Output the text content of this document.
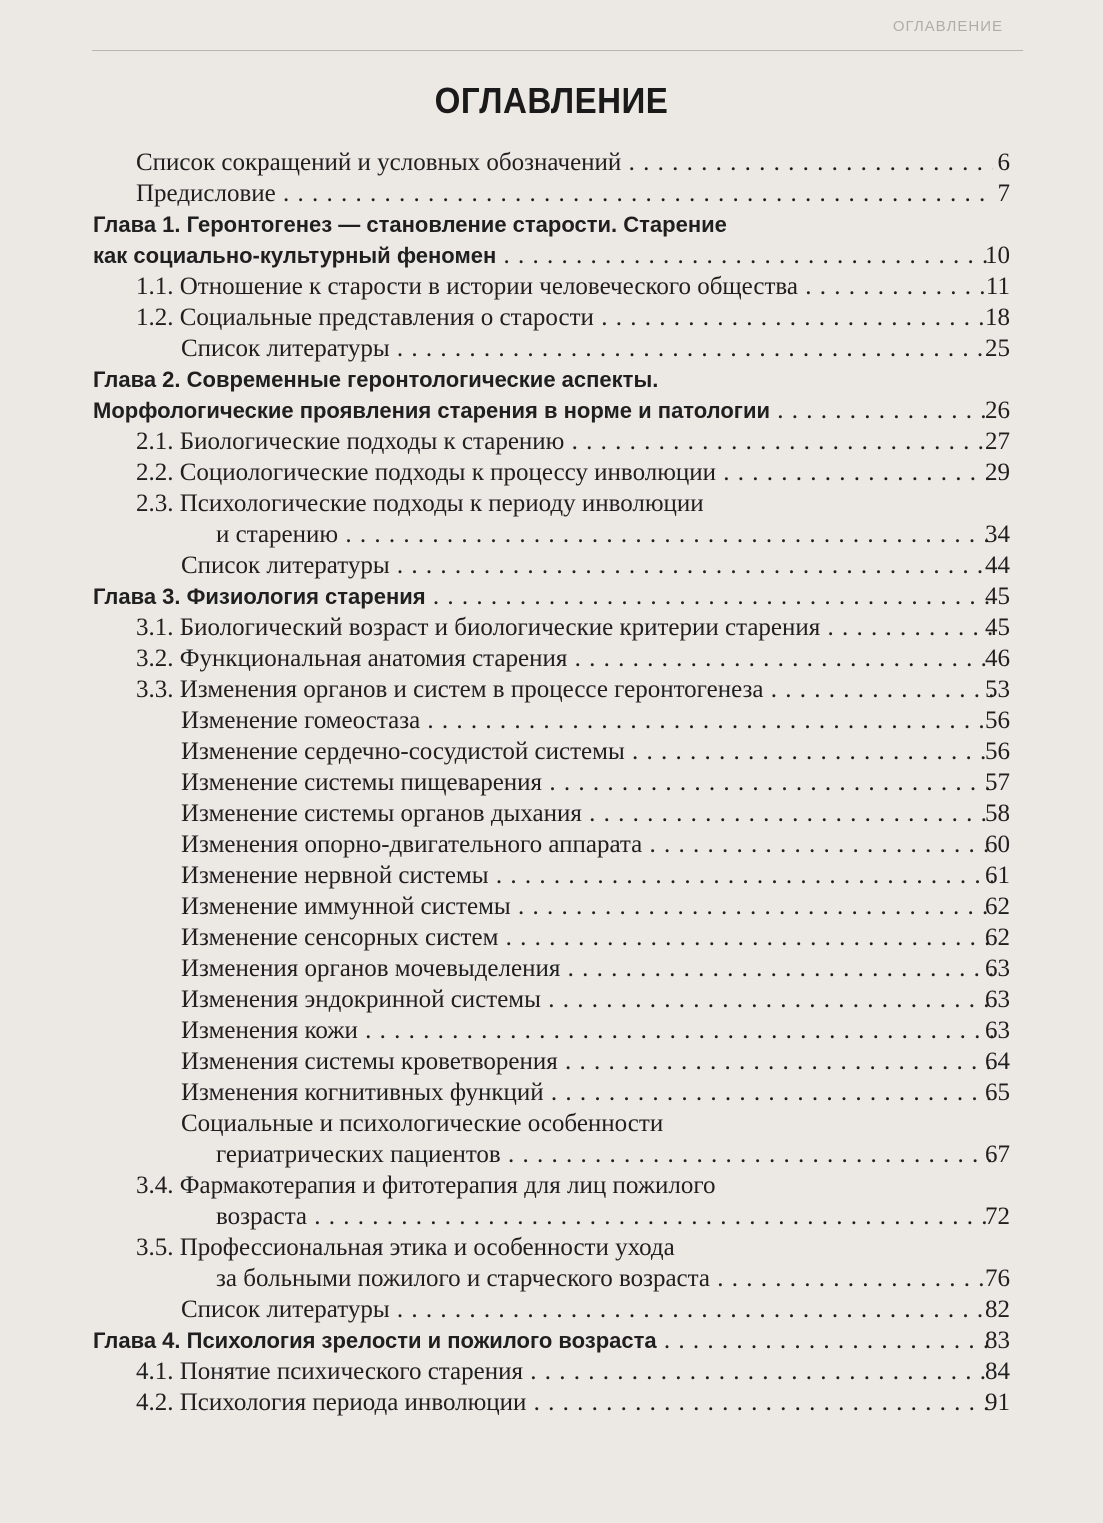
ОГЛАВЛЕНИЕ
ОГЛАВЛЕНИЕ
Список сокращений и условных обозначений . . .	6
Предисловие . . .	7
Глава 1. Геронтогенез — становление старости. Старение
как социально-культурный феномен . . .	10
1.1. Отношение к старости в истории человеческого общества . . .	11
1.2. Социальные представления о старости . . .	18
Список литературы . . .	25
Глава 2. Современные геронтологические аспекты.
Морфологические проявления старения в норме и патологии . . .	26
2.1. Биологические подходы к старению . . .	27
2.2. Социологические подходы к процессу инволюции . . .	29
2.3. Психологические подходы к периоду инволюции
и старению . . .	34
Список литературы . . .	44
Глава 3. Физиология старения . . .	45
3.1. Биологический возраст и биологические критерии старения . . .	45
3.2. Функциональная анатомия старения . . .	46
3.3. Изменения органов и систем в процессе геронтогенеза . . .	53
Изменение гомеостаза . . .	56
Изменение сердечно-сосудистой системы . . .	56
Изменение системы пищеварения . . .	57
Изменение системы органов дыхания . . .	58
Изменения опорно-двигательного аппарата . . .	60
Изменение нервной системы . . .	61
Изменение иммунной системы . . .	62
Изменение сенсорных систем . . .	62
Изменения органов мочевыделения . . .	63
Изменения эндокринной системы . . .	63
Изменения кожи . . .	63
Изменения системы кроветворения . . .	64
Изменения когнитивных функций . . .	65
Социальные и психологические особенности
гериатрических пациентов . . .	67
3.4. Фармакотерапия и фитотерапия для лиц пожилого
возраста . . .	72
3.5. Профессиональная этика и особенности ухода
за больными пожилого и старческого возраста . . .	76
Список литературы . . .	82
Глава 4. Психология зрелости и пожилого возраста . . .	83
4.1. Понятие психического старения . . .	84
4.2. Психология периода инволюции . . .	91
